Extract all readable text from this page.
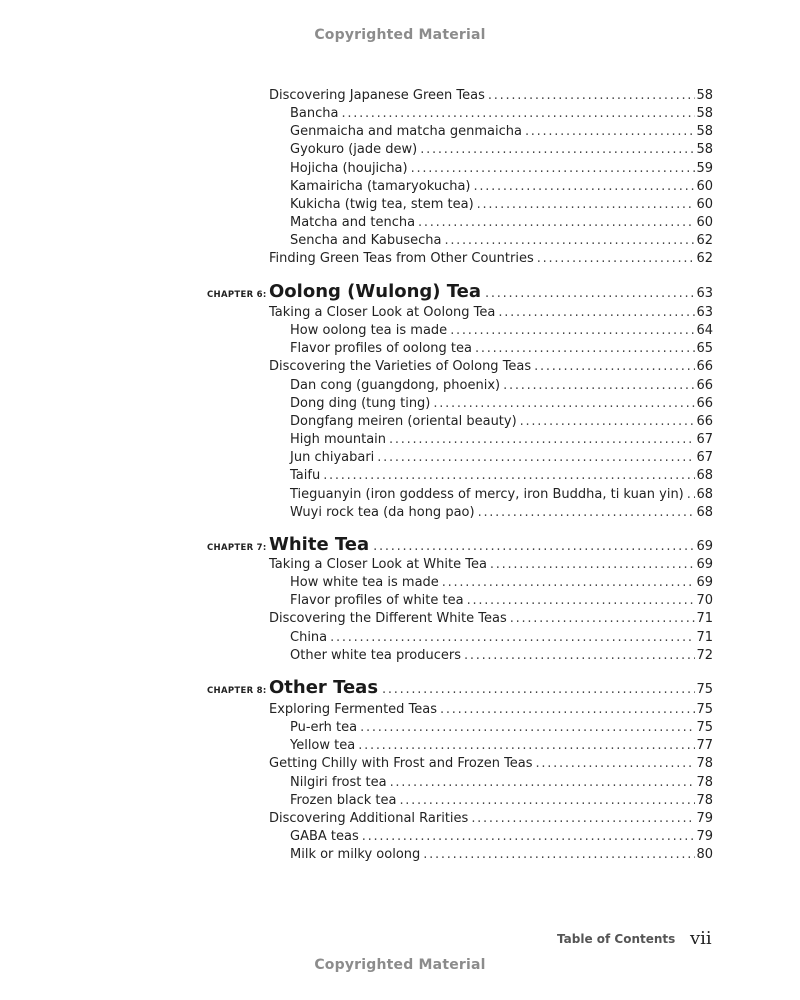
Copyrighted Material
Discovering Japanese Green Teas . . .	58
Bancha . . .	58
Genmaicha and matcha genmaicha . . .	58
Gyokuro (jade dew) . . .	58
Hojicha (houjicha) . . .	59
Kamairicha (tamaryokucha) . . .	60
Kukicha (twig tea, stem tea) . . .	60
Matcha and tencha . . .	60
Sencha and Kabusecha . . .	62
Finding Green Teas from Other Countries . . .	62
CHAPTER 6: Oolong (Wulong) Tea . . .	63
Taking a Closer Look at Oolong Tea . . .	63
How oolong tea is made . . .	64
Flavor profiles of oolong tea . . .	65
Discovering the Varieties of Oolong Teas . . .	66
Dan cong (guangdong, phoenix) . . .	66
Dong ding (tung ting) . . .	66
Dongfang meiren (oriental beauty) . . .	66
High mountain . . .	67
Jun chiyabari . . .	67
Taifu . . .	68
Tieguanyin (iron goddess of mercy, iron Buddha, ti kuan yin) . . . 68
Wuyi rock tea (da hong pao) . . .	68
CHAPTER 7: White Tea . . .	69
Taking a Closer Look at White Tea . . .	69
How white tea is made . . .	69
Flavor profiles of white tea . . .	70
Discovering the Different White Teas . . .	71
China . . .	71
Other white tea producers . . .	72
CHAPTER 8: Other Teas . . .	75
Exploring Fermented Teas . . .	75
Pu-erh tea . . .	75
Yellow tea . . .	77
Getting Chilly with Frost and Frozen Teas . . .	78
Nilgiri frost tea . . .	78
Frozen black tea . . .	78
Discovering Additional Rarities . . .	79
GABA teas . . .	79
Milk or milky oolong . . .	80
Table of Contents vii
Copyrighted Material
